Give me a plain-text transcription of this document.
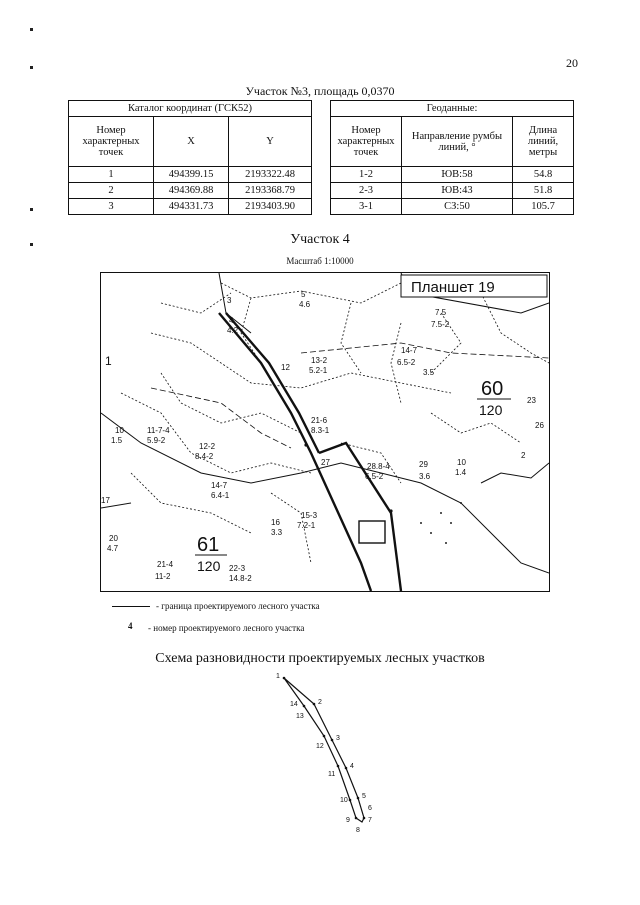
20
Участок №3, площадь 0,0370
Каталог координат (ГСК52)		
Номер характерных точек	X	Y
1	494399.15	2193322.48
2	494369.88	2193368.79
3	494331.73	2193403.90
Геоданные:		
Номер характерных точек	Направление румбы линий, °	Длина линий, метры
1-2	ЮВ:58	54.8
2-3	ЮВ:43	51.8
3-1	СЗ:50	105.7
Участок 4
Масштаб 1:10000
Планшет 19
1
3
5
4.6
4
4.2
7.5
7.5-2
14-7
6.5-2
13-2
5.2-1
12
60
120
3.5
23
26
2
10
1.5
11-7-4
5.9-2
12-2
8.4-2
14-7
6.4-1
21-6
8.3-1
27	28.8-4
6.5-2
29
3.6
10
1.4
17
20
4.7	61
120 22-3
14.8-2
21-4
11-2
15-3
7.2-1
16
3.3
- граница проектируемого лесного участка
4 - номер проектируемого лесного участка
Схема разновидности проектируемых лесных участков
1
14	2
13
3
12
4
11
5
10
6
9	7
8
